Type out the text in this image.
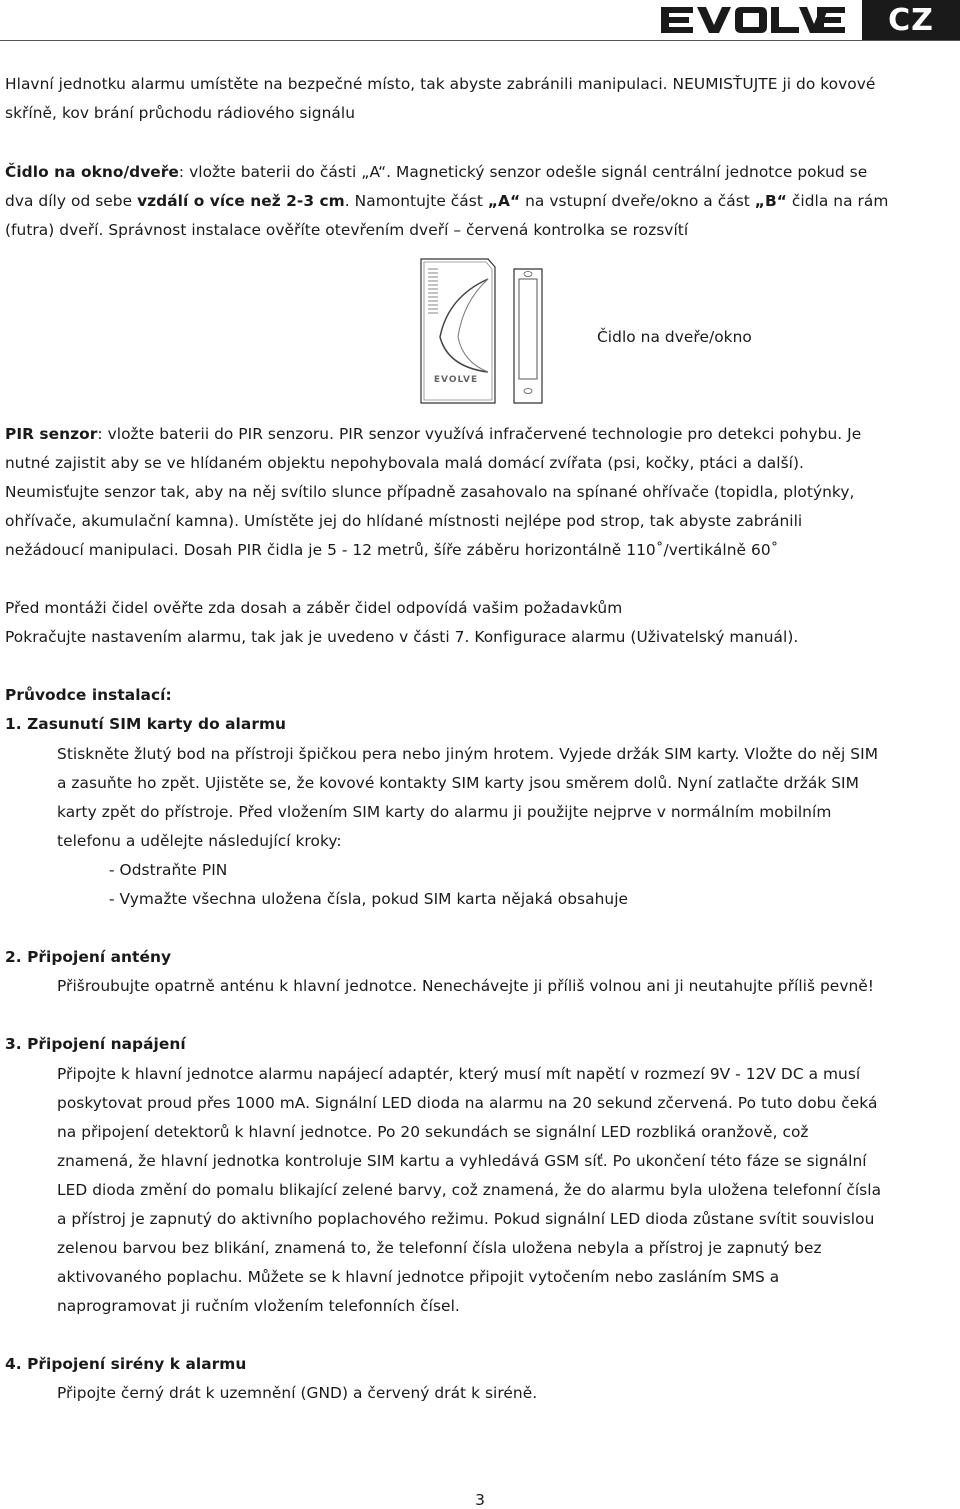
CZ
Hlavní jednotku alarmu umístěte na bezpečné místo, tak abyste zabránili manipulaci. NEUMISŤUJTE ji do kovové
skříně, kov brání průchodu rádiového signálu
Čidlo na okno/dveře: vložte baterii do části „A“. Magnetický senzor odešle signál centrální jednotce pokud se
dva díly od sebe vzdálí o více než 2-3 cm. Namontujte část „A“ na vstupní dveře/okno a část „B“ čidla na rám
(futra) dveří. Správnost instalace ověříte otevřením dveří – červená kontrolka se rozsvítí
EVOLVE
Čidlo na dveře/okno
PIR senzor: vložte baterii do PIR senzoru. PIR senzor využívá infračervené technologie pro detekci pohybu. Je
nutné zajistit aby se ve hlídaném objektu nepohybovala malá domácí zvířata (psi, kočky, ptáci a další).
Neumisťujte senzor tak, aby na něj svítilo slunce případně zasahovalo na spínané ohřívače (topidla, plotýnky,
ohřívače, akumulační kamna). Umístěte jej do hlídané místnosti nejlépe pod strop, tak abyste zabránili
nežádoucí manipulaci. Dosah PIR čidla je 5 - 12 metrů, šíře záběru horizontálně 110˚/vertikálně 60˚
Před montáži čidel ověřte zda dosah a záběr čidel odpovídá vašim požadavkům
Pokračujte nastavením alarmu, tak jak je uvedeno v části 7. Konfigurace alarmu (Uživatelský manuál).
Průvodce instalací:
1. Zasunutí SIM karty do alarmu
Stiskněte žlutý bod na přístroji špičkou pera nebo jiným hrotem. Vyjede držák SIM karty. Vložte do něj SIM
a zasuňte ho zpět. Ujistěte se, že kovové kontakty SIM karty jsou směrem dolů. Nyní zatlačte držák SIM
karty zpět do přístroje. Před vložením SIM karty do alarmu ji použijte nejprve v normálním mobilním
telefonu a udělejte následující kroky:
- Odstraňte PIN
- Vymažte všechna uložena čísla, pokud SIM karta nějaká obsahuje
2. Připojení antény
Přišroubujte opatrně anténu k hlavní jednotce. Nenechávejte ji příliš volnou ani ji neutahujte příliš pevně!
3. Připojení napájení
Připojte k hlavní jednotce alarmu napájecí adaptér, který musí mít napětí v rozmezí 9V - 12V DC a musí
poskytovat proud přes 1000 mA. Signální LED dioda na alarmu na 20 sekund zčervená. Po tuto dobu čeká
na připojení detektorů k hlavní jednotce. Po 20 sekundách se signální LED rozbliká oranžově, což
znamená, že hlavní jednotka kontroluje SIM kartu a vyhledává GSM síť. Po ukončení této fáze se signální
LED dioda změní do pomalu blikající zelené barvy, což znamená, že do alarmu byla uložena telefonní čísla
a přístroj je zapnutý do aktivního poplachového režimu. Pokud signální LED dioda zůstane svítit souvislou
zelenou barvou bez blikání, znamená to, že telefonní čísla uložena nebyla a přístroj je zapnutý bez
aktivovaného poplachu. Můžete se k hlavní jednotce připojit vytočením nebo zasláním SMS a
naprogramovat ji ručním vložením telefonních čísel.
4. Připojení sirény k alarmu
Připojte černý drát k uzemnění (GND) a červený drát k siréně.
3
